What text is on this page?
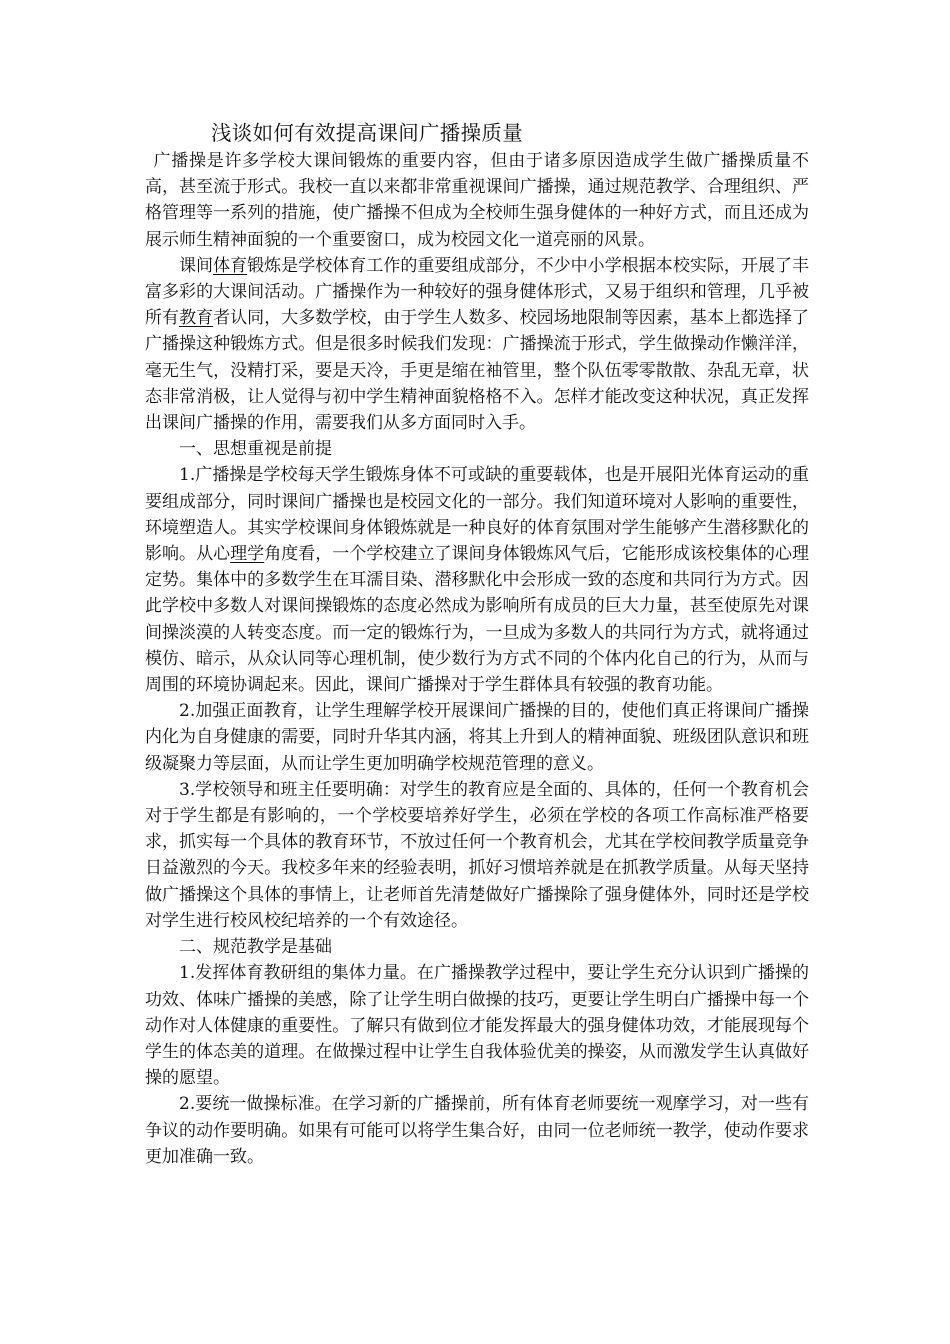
浅谈如何有效提高课间广播操质量

广播操是许多学校大课间锻炼的重要内容，但由于诸多原因造成学生做广播操质量不高，甚至流于形式。我校一直以来都非常重视课间广播操，通过规范教学、合理组织、严格管理等一系列的措施，使广播操不但成为全校师生强身健体的一种好方式，而且还成为展示师生精神面貌的一个重要窗口，成为校园文化一道亮丽的风景。

课间体育锻炼是学校体育工作的重要组成部分，不少中小学根据本校实际，开展了丰富多彩的大课间活动。广播操作为一种较好的强身健体形式，又易于组织和管理，几乎被所有教育者认同，大多数学校，由于学生人数多、校园场地限制等因素，基本上都选择了广播操这种锻炼方式。但是很多时候我们发现：广播操流于形式，学生做操动作懒洋洋，毫无生气，没精打采，要是天冷，手更是缩在袖管里，整个队伍零零散散、杂乱无章，状态非常消极，让人觉得与初中学生精神面貌格格不入。怎样才能改变这种状况，真正发挥出课间广播操的作用，需要我们从多方面同时入手。

一、思想重视是前提

1.广播操是学校每天学生锻炼身体不可或缺的重要载体，也是开展阳光体育运动的重要组成部分，同时课间广播操也是校园文化的一部分。我们知道环境对人影响的重要性，环境塑造人。其实学校课间身体锻炼就是一种良好的体育氛围对学生能够产生潜移默化的影响。从心理学角度看，一个学校建立了课间身体锻炼风气后，它能形成该校集体的心理定势。集体中的多数学生在耳濡目染、潜移默化中会形成一致的态度和共同行为方式。因此学校中多数人对课间操锻炼的态度必然成为影响所有成员的巨大力量，甚至使原先对课间操淡漠的人转变态度。而一定的锻炼行为，一旦成为多数人的共同行为方式，就将通过模仿、暗示，从众认同等心理机制，使少数行为方式不同的个体内化自己的行为，从而与周围的环境协调起来。因此，课间广播操对于学生群体具有较强的教育功能。

2.加强正面教育，让学生理解学校开展课间广播操的目的，使他们真正将课间广播操内化为自身健康的需要，同时升华其内涵，将其上升到人的精神面貌、班级团队意识和班级凝聚力等层面，从而让学生更加明确学校规范管理的意义。

3.学校领导和班主任要明确：对学生的教育应是全面的、具体的，任何一个教育机会对于学生都是有影响的，一个学校要培养好学生，必须在学校的各项工作高标准严格要求，抓实每一个具体的教育环节，不放过任何一个教育机会，尤其在学校间教学质量竞争日益激烈的今天。我校多年来的经验表明，抓好习惯培养就是在抓教学质量。从每天坚持做广播操这个具体的事情上，让老师首先清楚做好广播操除了强身健体外，同时还是学校对学生进行校风校纪培养的一个有效途径。

二、规范教学是基础

1.发挥体育教研组的集体力量。在广播操教学过程中，要让学生充分认识到广播操的功效、体味广播操的美感，除了让学生明白做操的技巧，更要让学生明白广播操中每一个动作对人体健康的重要性。了解只有做到位才能发挥最大的强身健体功效，才能展现每个学生的体态美的道理。在做操过程中让学生自我体验优美的操姿，从而激发学生认真做好操的愿望。

2.要统一做操标准。在学习新的广播操前，所有体育老师要统一观摩学习，对一些有争议的动作要明确。如果有可能可以将学生集合好，由同一位老师统一教学，使动作要求更加准确一致。
